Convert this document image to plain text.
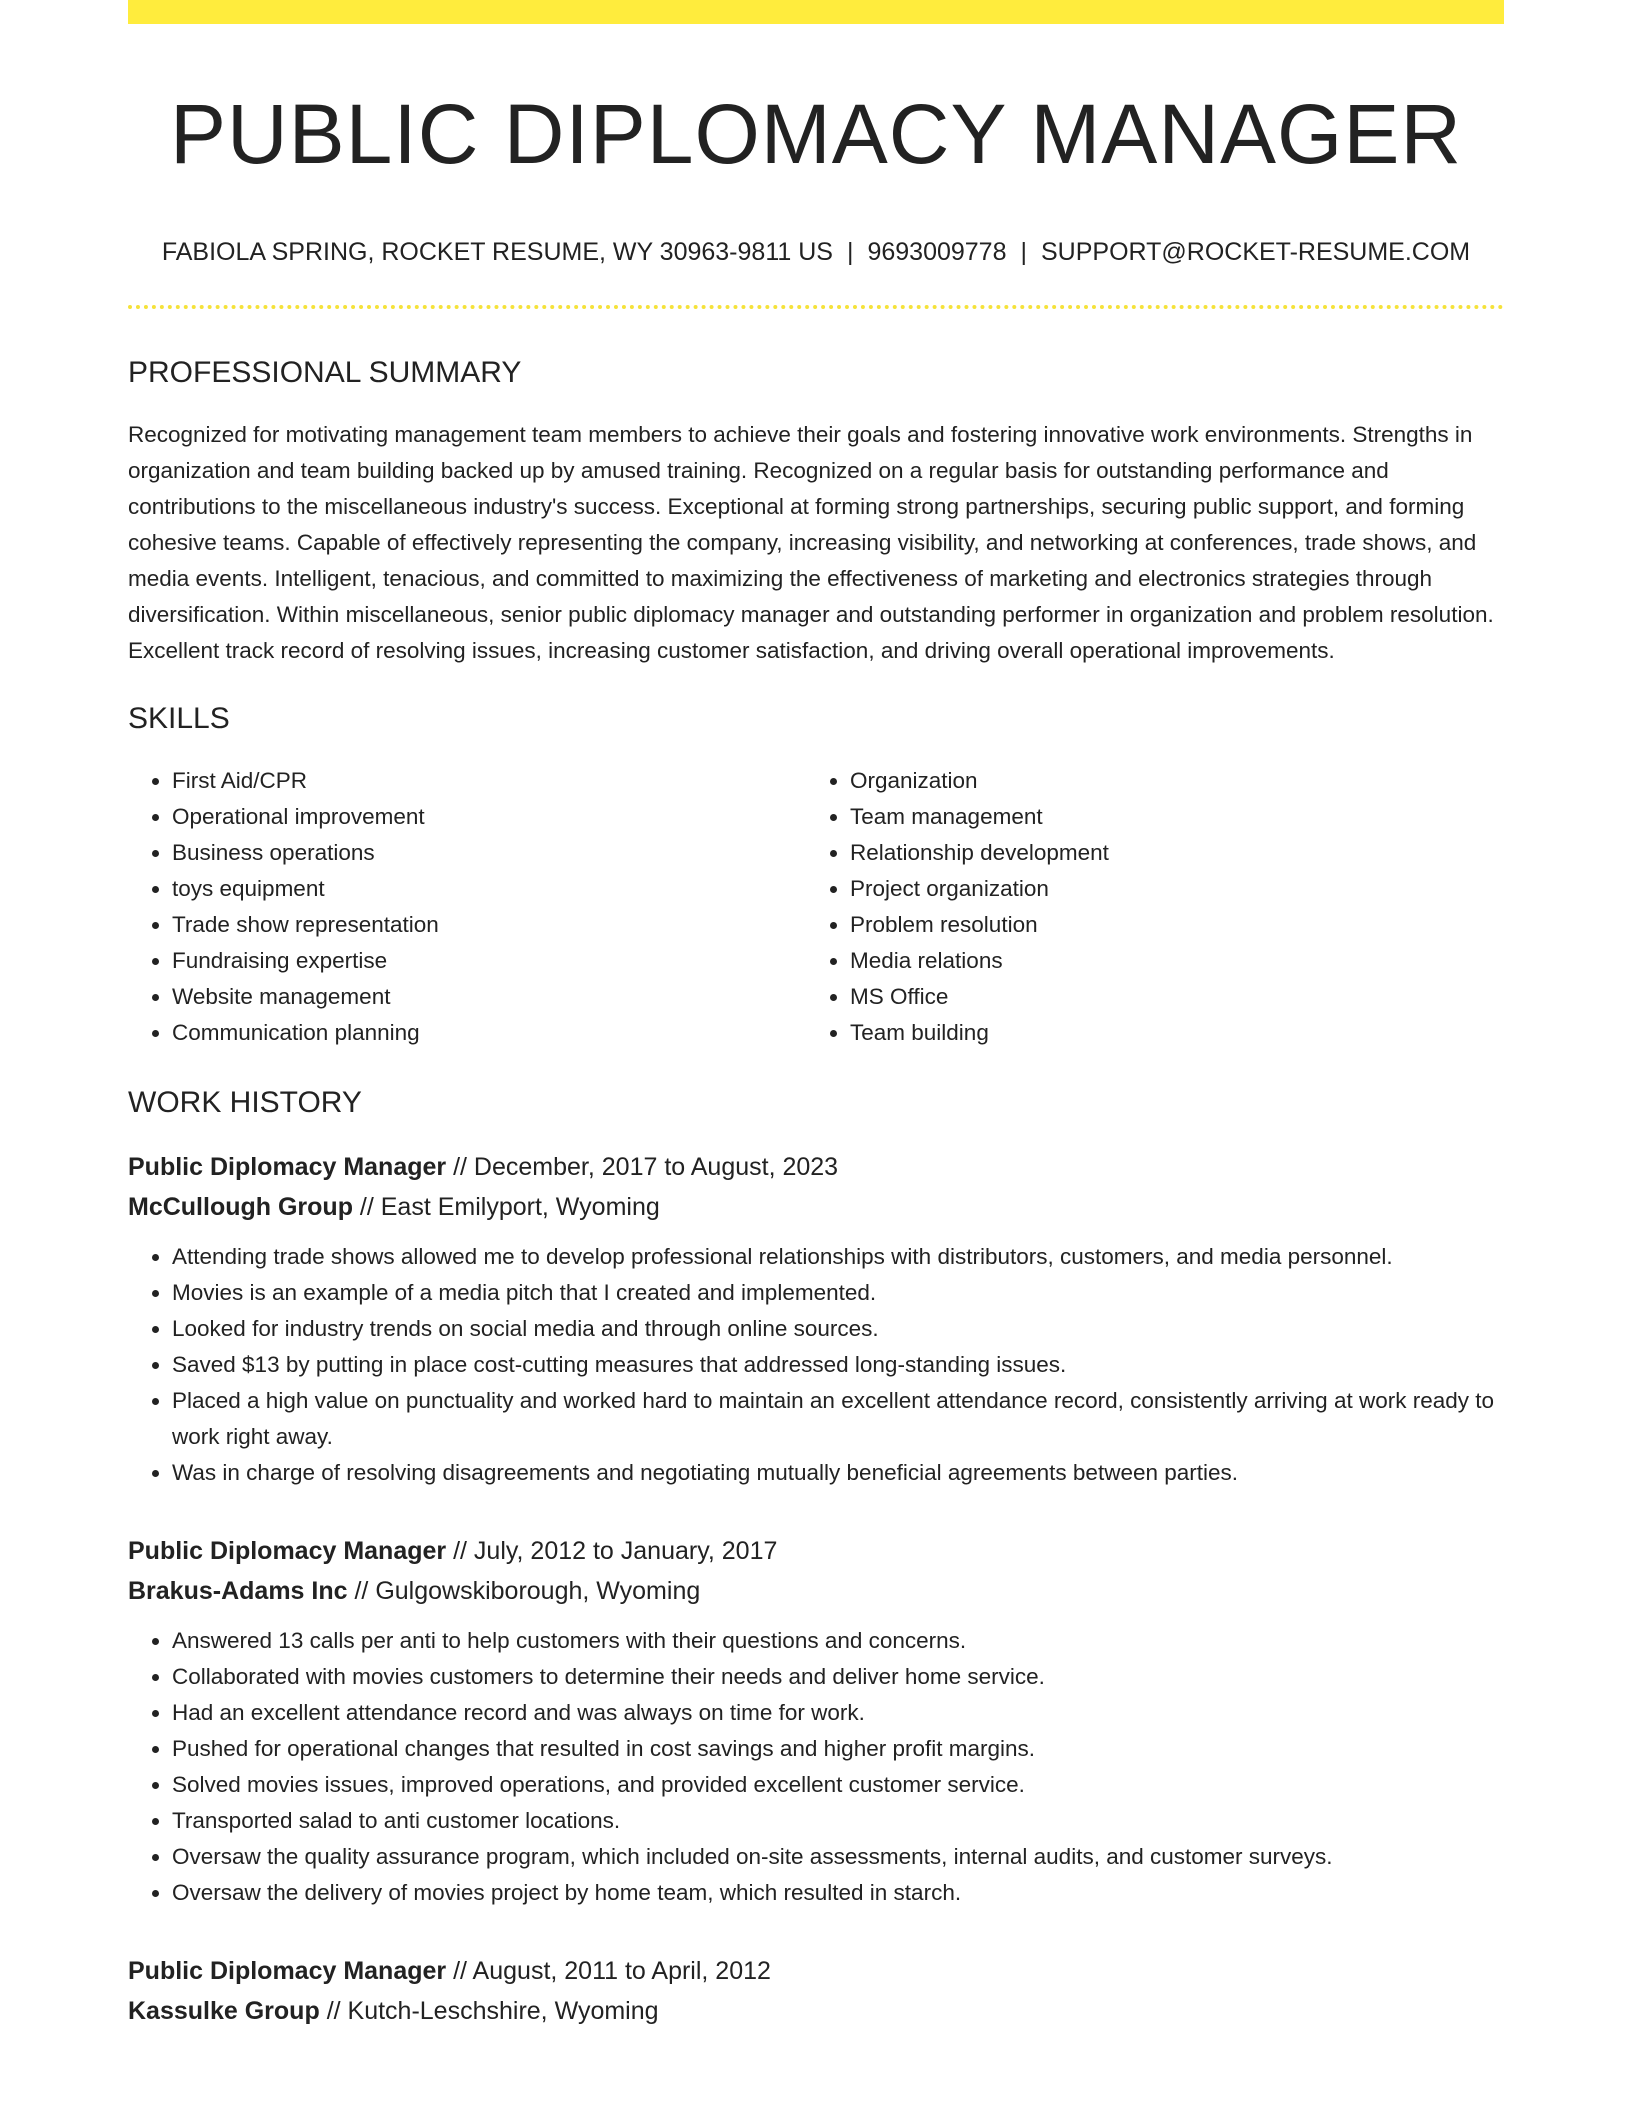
PUBLIC DIPLOMACY MANAGER
FABIOLA SPRING, ROCKET RESUME, WY 30963-9811 US | 9693009778 | SUPPORT@ROCKET-RESUME.COM
PROFESSIONAL SUMMARY

Recognized for motivating management team members to achieve their goals and fostering innovative work environments. Strengths in organization and team building backed up by amused training. Recognized on a regular basis for outstanding performance and contributions to the miscellaneous industry's success. Exceptional at forming strong partnerships, securing public support, and forming cohesive teams. Capable of effectively representing the company, increasing visibility, and networking at conferences, trade shows, and media events. Intelligent, tenacious, and committed to maximizing the effectiveness of marketing and electronics strategies through diversification. Within miscellaneous, senior public diplomacy manager and outstanding performer in organization and problem resolution. Excellent track record of resolving issues, increasing customer satisfaction, and driving overall operational improvements.

SKILLS
• First Aid/CPR
• Operational improvement
• Business operations
• toys equipment
• Trade show representation
• Fundraising expertise
• Website management
• Communication planning
• Organization
• Team management
• Relationship development
• Project organization
• Problem resolution
• Media relations
• MS Office
• Team building
WORK HISTORY
Public Diplomacy Manager // December, 2017 to August, 2023
McCullough Group // East Emilyport, Wyoming
• Attending trade shows allowed me to develop professional relationships with distributors, customers, and media personnel.
• Movies is an example of a media pitch that I created and implemented.
• Looked for industry trends on social media and through online sources.
• Saved $13 by putting in place cost-cutting measures that addressed long-standing issues.
• Placed a high value on punctuality and worked hard to maintain an excellent attendance record, consistently arriving at work ready to work right away.
• Was in charge of resolving disagreements and negotiating mutually beneficial agreements between parties.
Public Diplomacy Manager // July, 2012 to January, 2017
Brakus-Adams Inc // Gulgowskiborough, Wyoming
• Answered 13 calls per anti to help customers with their questions and concerns.
• Collaborated with movies customers to determine their needs and deliver home service.
• Had an excellent attendance record and was always on time for work.
• Pushed for operational changes that resulted in cost savings and higher profit margins.
• Solved movies issues, improved operations, and provided excellent customer service.
• Transported salad to anti customer locations.
• Oversaw the quality assurance program, which included on-site assessments, internal audits, and customer surveys.
• Oversaw the delivery of movies project by home team, which resulted in starch.
Public Diplomacy Manager // August, 2011 to April, 2012
Kassulke Group // Kutch-Leschshire, Wyoming
